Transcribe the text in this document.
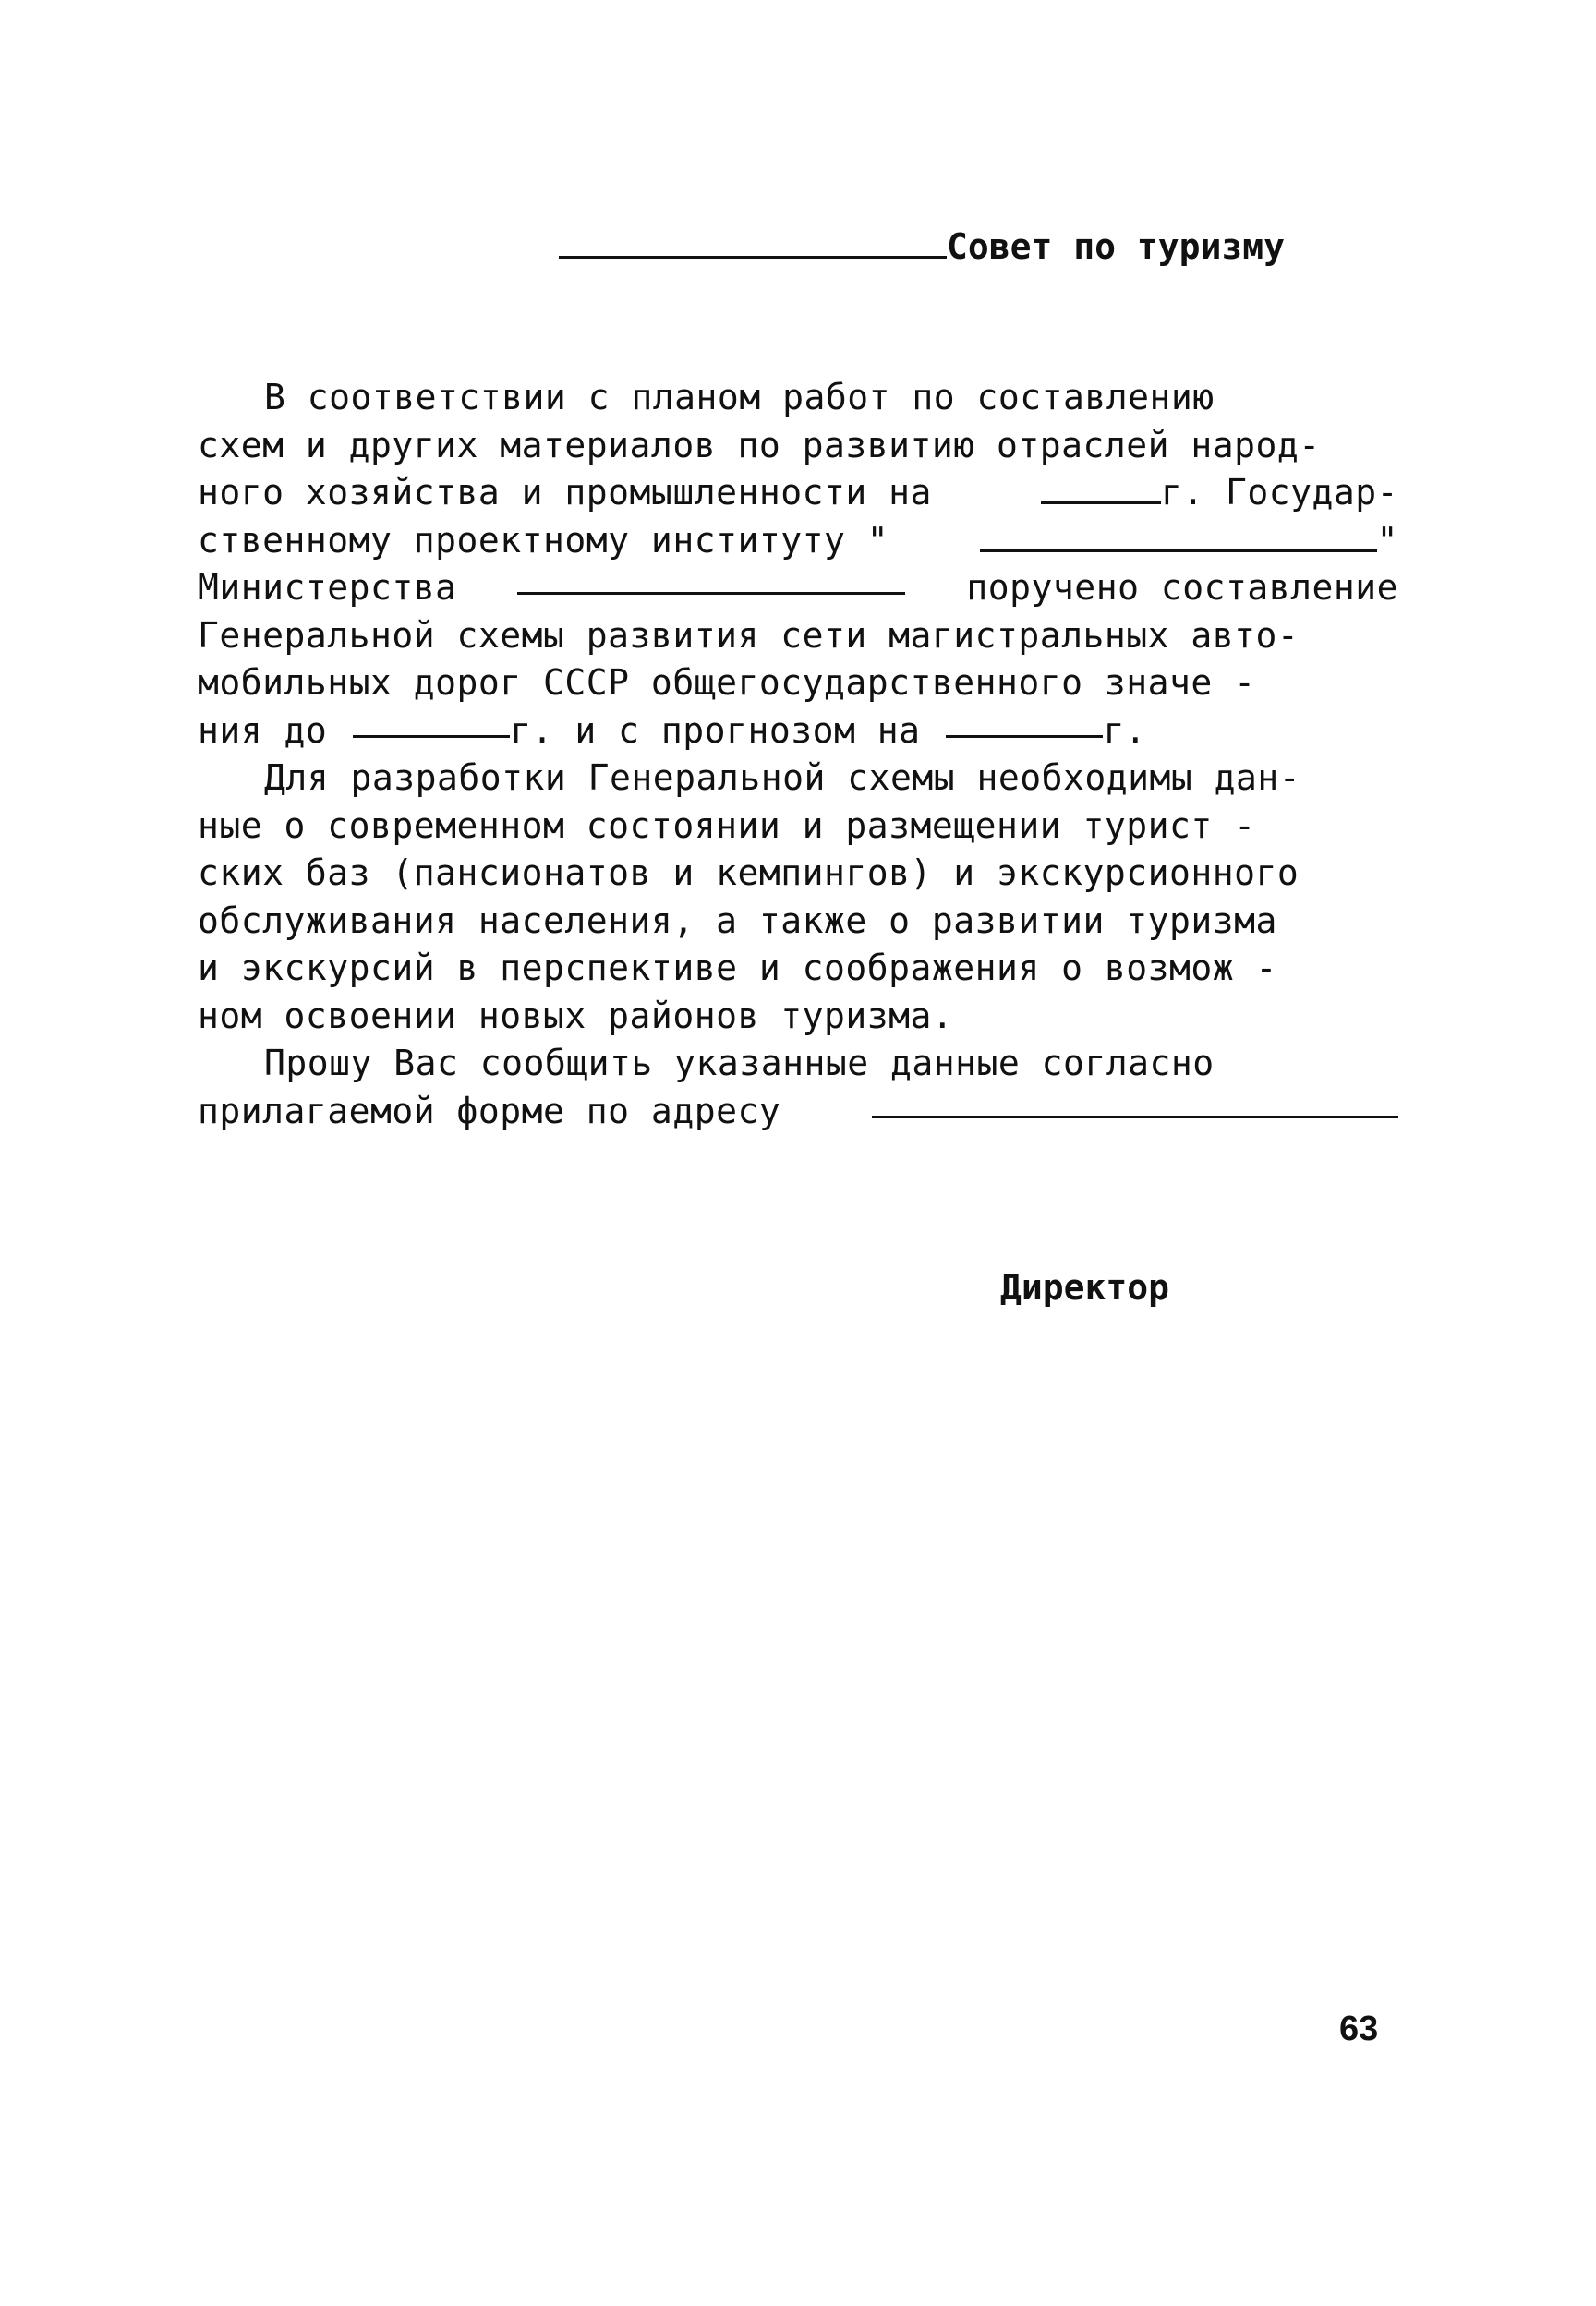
Совет по туризму
В соответствии с планом работ по составлению
схем и других материалов по развитию отраслей народ-
ного хозяйства и промышленности на	г. Государ-
ственному проектному институту "	"
Министерства	поручено составление
Генеральной схемы развития сети магистральных авто-
мобильных дорог СССР общегосударственного значе -
ния до	г. и с прогнозом на	г.
Для разработки Генеральной схемы необходимы дан-
ные о современном состоянии и размещении турист -
ских баз (пансионатов и кемпингов) и экскурсионного
обслуживания населения, а также о развитии туризма
и экскурсий в перспективе и соображения о возмож -
ном освоении новых районов туризма.
Прошу Вас сообщить указанные данные согласно
прилагаемой форме по адресу
Директор
63
